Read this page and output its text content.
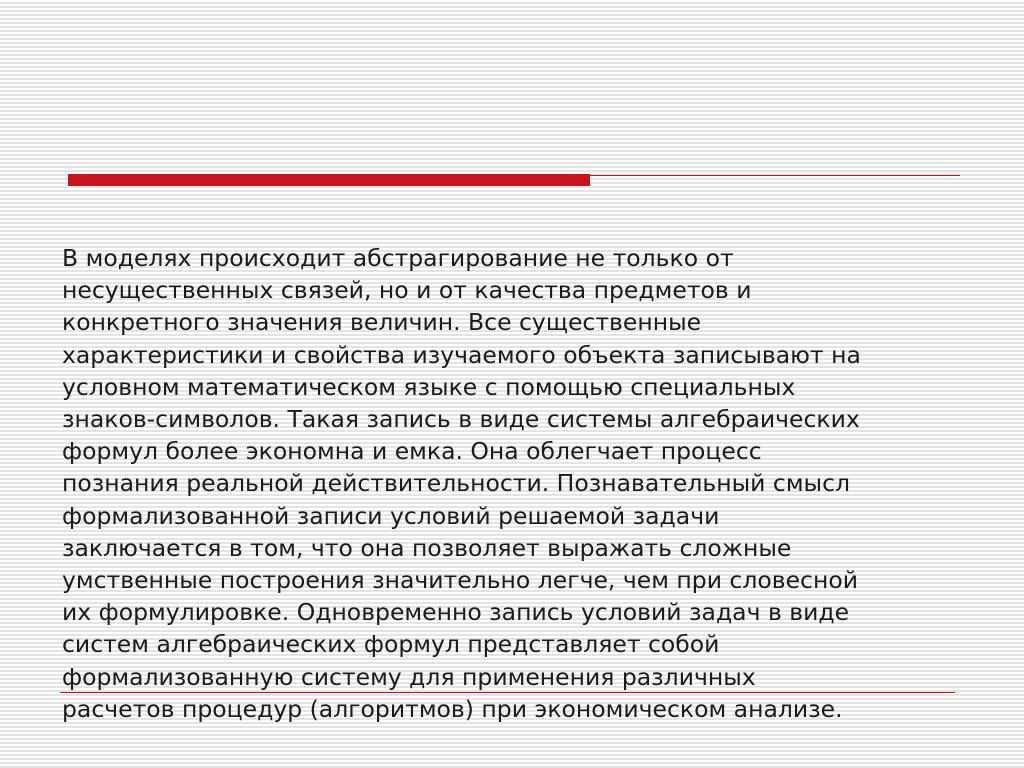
В моделях происходит абстрагирование не только от
несущественных связей, но и от качества предметов и
конкретного значения величин. Все существенные
характеристики и свойства изучаемого объекта записывают на
условном математическом языке с помощью специальных
знаков-символов. Такая запись в виде системы алгебраических
формул более экономна и емка. Она облегчает процесс
познания реальной действительности. Познавательный смысл
формализованной записи условий решаемой задачи
заключается в том, что она позволяет выражать сложные
умственные построения значительно легче, чем при словесной
их формулировке. Одновременно запись условий задач в виде
систем алгебраических формул представляет собой
формализованную систему для применения различных
расчетов процедур (алгоритмов) при экономическом анализе.
